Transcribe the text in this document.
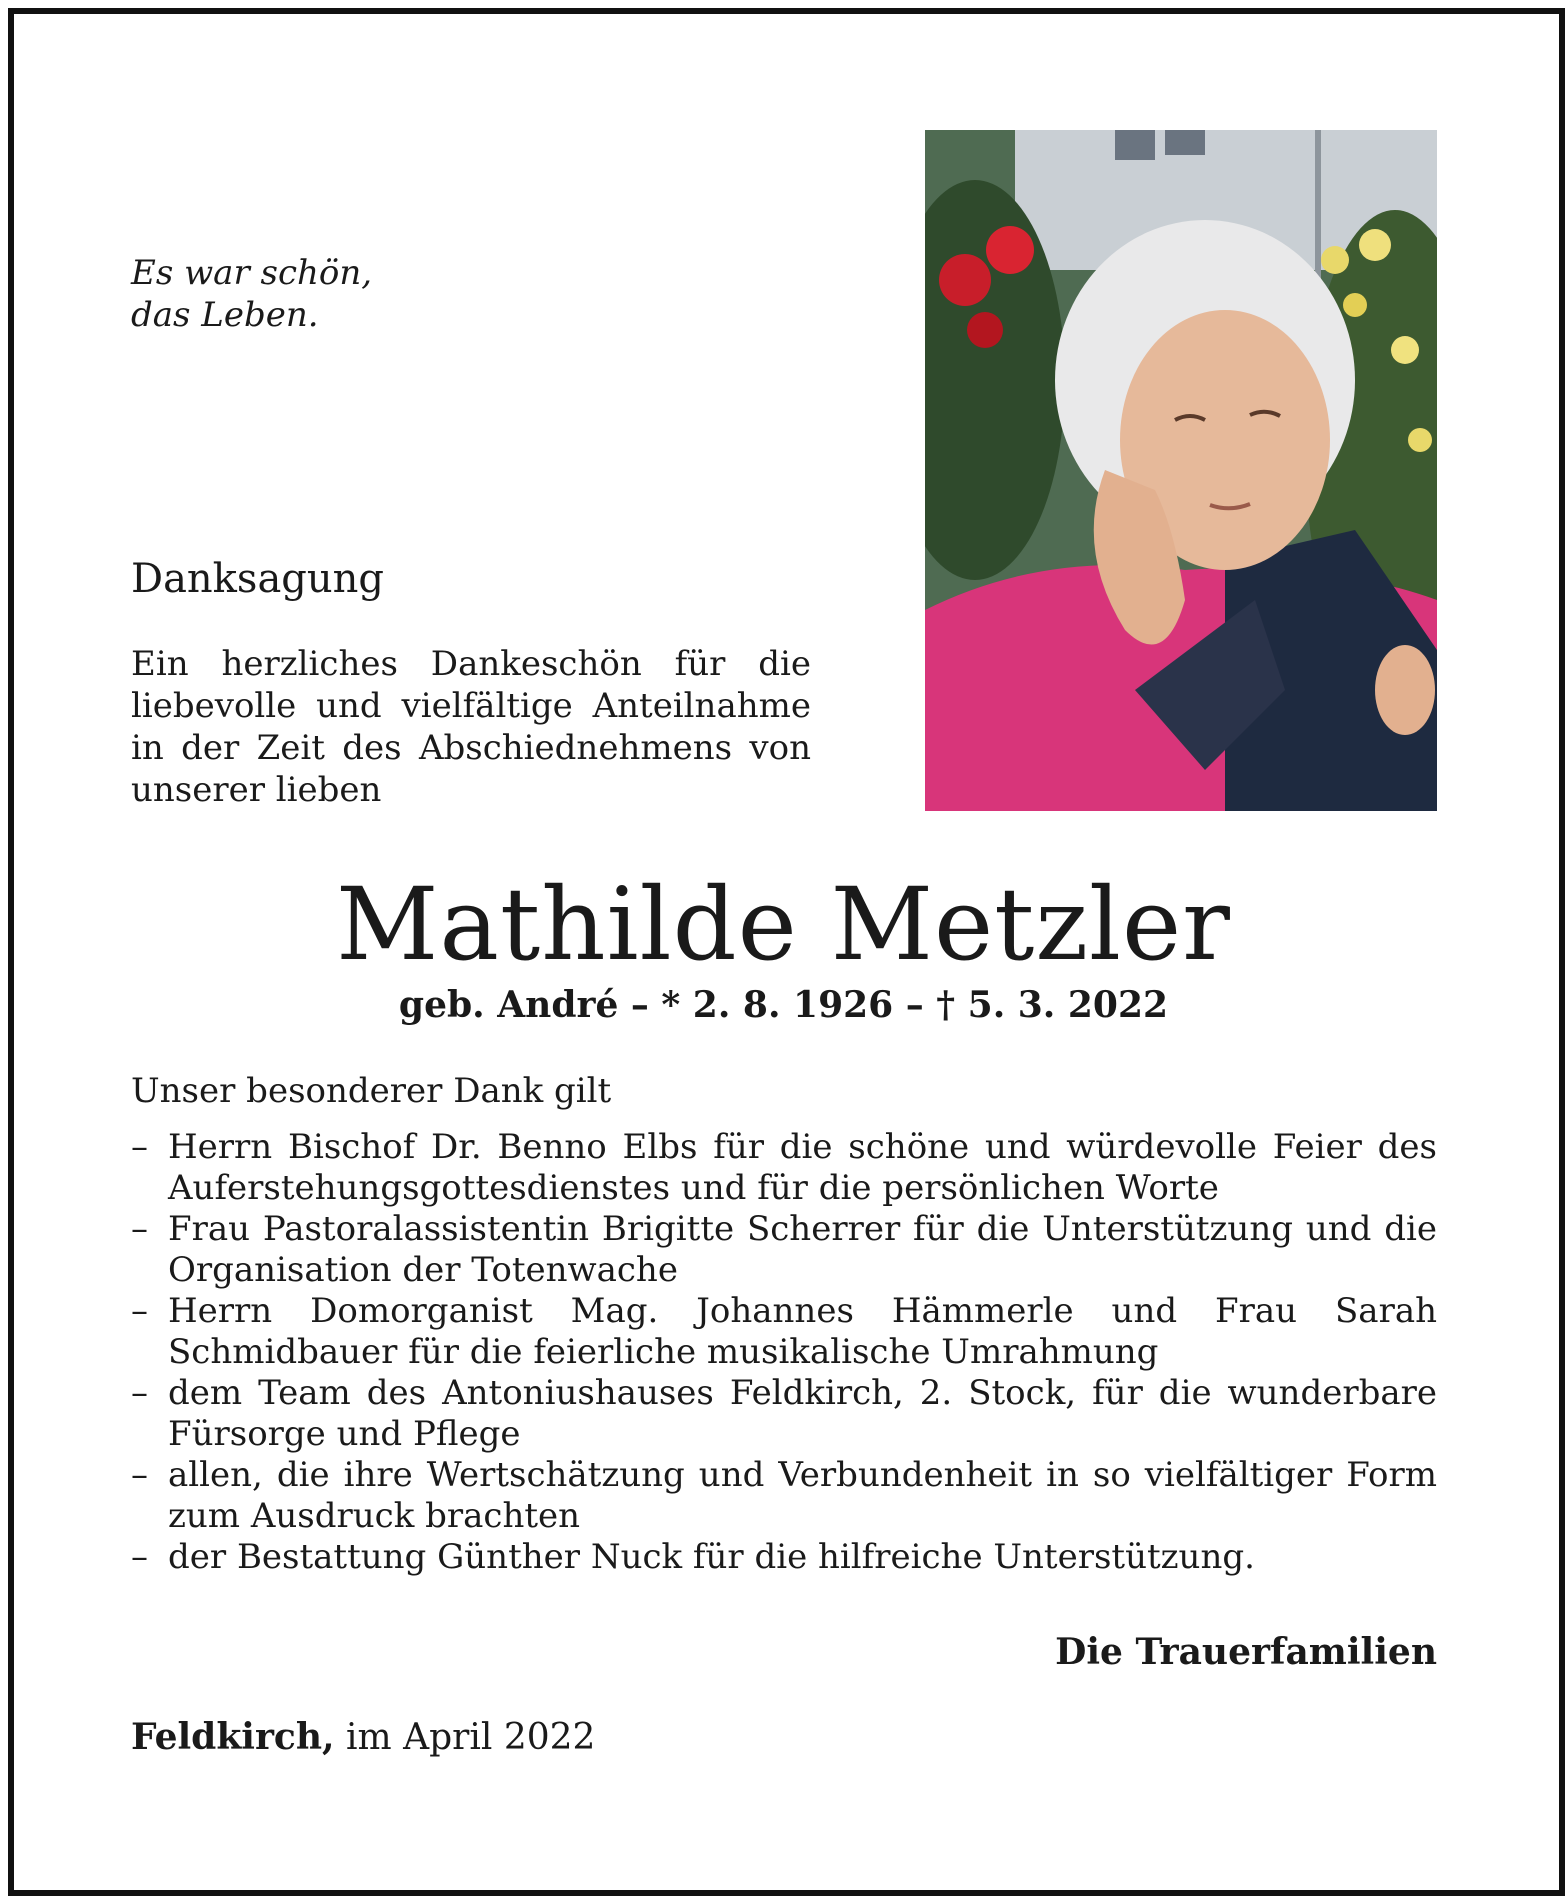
Es war schön,
das Leben.
Danksagung
Ein herzliches Dankeschön für die liebevolle und vielfältige Anteilnahme in der Zeit des Abschiednehmens von unserer lieben
Mathilde Metzler
geb. André – * 2. 8. 1926 – † 5. 3. 2022
Unser besonderer Dank gilt
– Herrn Bischof Dr. Benno Elbs für die schöne und würdevolle Feier des Auferstehungsgottesdienstes und für die persönlichen Worte
– Frau Pastoralassistentin Brigitte Scherrer für die Unterstützung und die Organisation der Totenwache
– Herrn Domorganist Mag. Johannes Hämmerle und Frau Sarah Schmidbauer für die feierliche musikalische Umrahmung
– dem Team des Antoniushauses Feldkirch, 2. Stock, für die wunderbare Fürsorge und Pflege
– allen, die ihre Wertschätzung und Verbundenheit in so vielfältiger Form zum Ausdruck brachten
– der Bestattung Günther Nuck für die hilfreiche Unterstützung.
Die Trauerfamilien
Feldkirch, im April 2022
